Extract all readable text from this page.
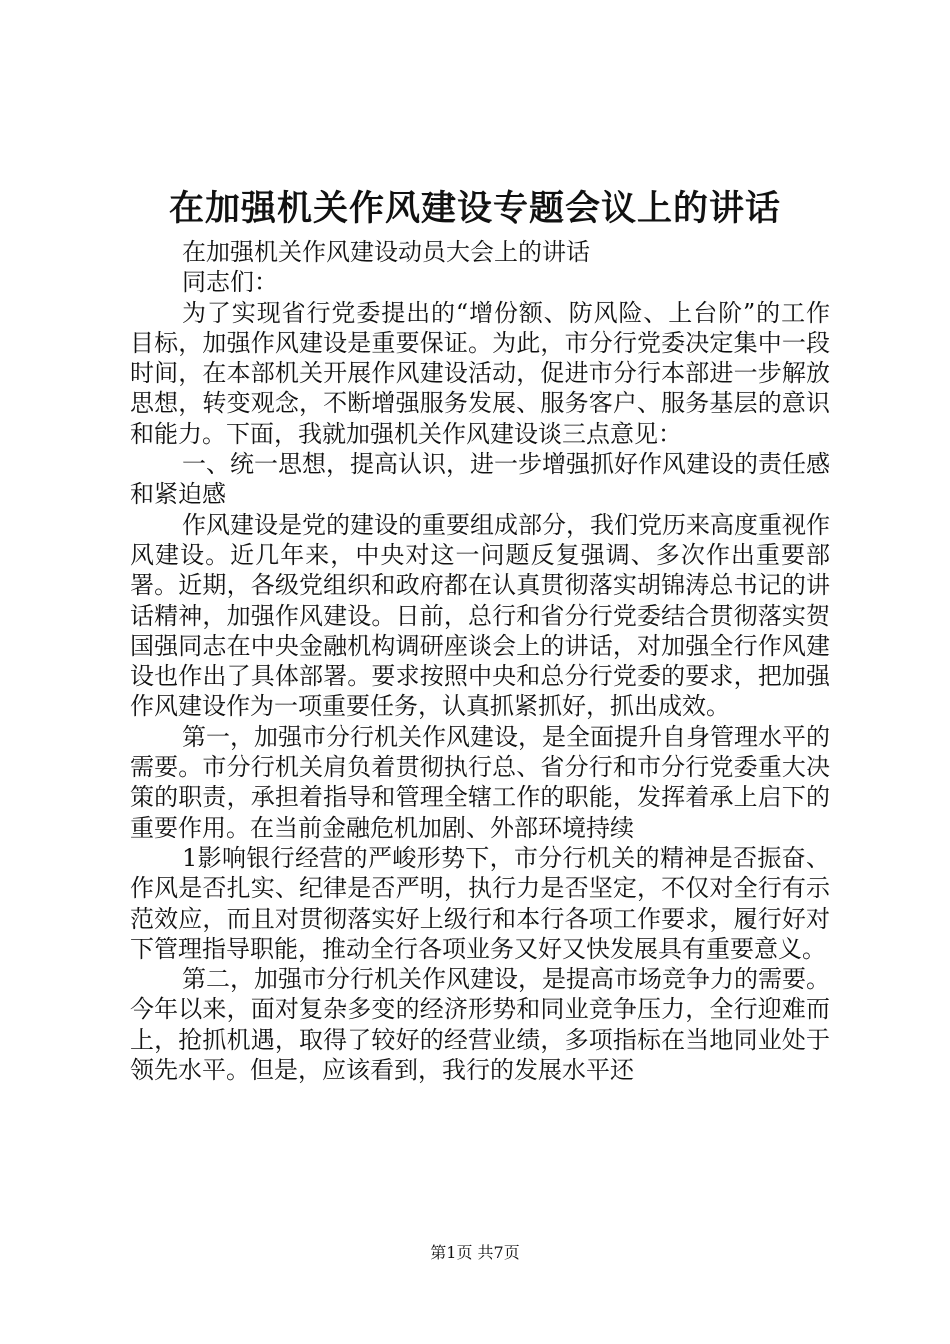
在加强机关作风建设专题会议上的讲话

在加强机关作风建设动员大会上的讲话

同志们：

为了实现省行党委提出的“增份额、防风险、上台阶”的工作目标，加强作风建设是重要保证。为此，市分行党委决定集中一段时间，在本部机关开展作风建设活动，促进市分行本部进一步解放思想，转变观念，不断增强服务发展、服务客户、服务基层的意识和能力。下面，我就加强机关作风建设谈三点意见：

一、统一思想，提高认识，进一步增强抓好作风建设的责任感和紧迫感

作风建设是党的建设的重要组成部分，我们党历来高度重视作风建设。近几年来，中央对这一问题反复强调、多次作出重要部署。近期，各级党组织和政府都在认真贯彻落实胡锦涛总书记的讲话精神，加强作风建设。日前，总行和省分行党委结合贯彻落实贺国强同志在中央金融机构调研座谈会上的讲话，对加强全行作风建设也作出了具体部署。要求按照中央和总分行党委的要求，把加强作风建设作为一项重要任务，认真抓紧抓好，抓出成效。

第一，加强市分行机关作风建设，是全面提升自身管理水平的需要。市分行机关肩负着贯彻执行总、省分行和市分行党委重大决策的职责，承担着指导和管理全辖工作的职能，发挥着承上启下的重要作用。在当前金融危机加剧、外部环境持续

1影响银行经营的严峻形势下，市分行机关的精神是否振奋、作风是否扎实、纪律是否严明，执行力是否坚定，不仅对全行有示范效应，而且对贯彻落实好上级行和本行各项工作要求，履行好对下管理指导职能，推动全行各项业务又好又快发展具有重要意义。

第二，加强市分行机关作风建设，是提高市场竞争力的需要。今年以来，面对复杂多变的经济形势和同业竞争压力，全行迎难而上，抢抓机遇，取得了较好的经营业绩，多项指标在当地同业处于领先水平。但是，应该看到，我行的发展水平还

第1页 共7页
